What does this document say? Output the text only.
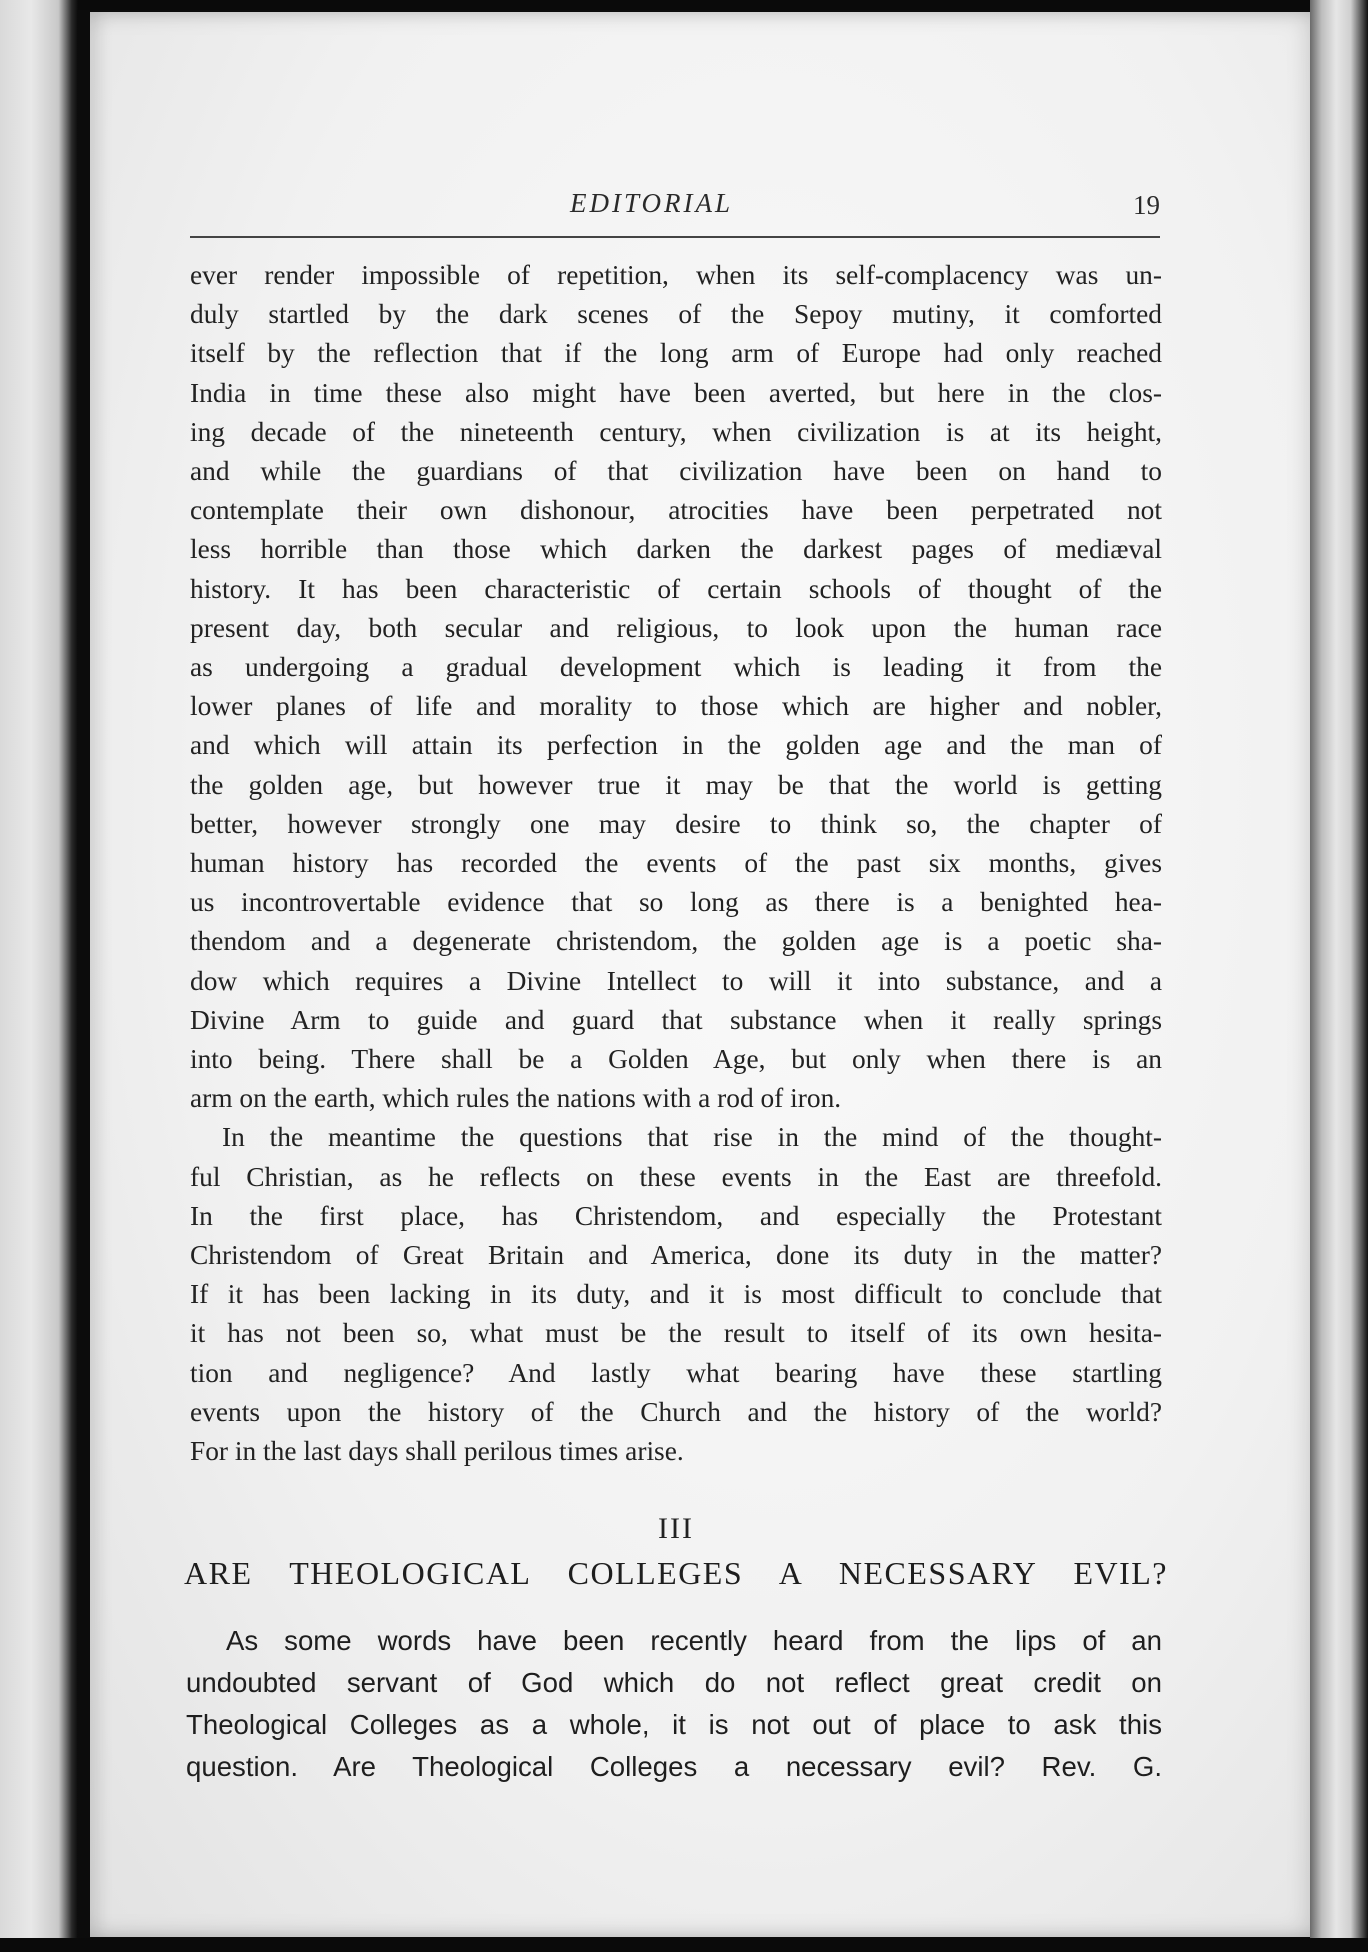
EDITORIAL	19
ever render impossible of repetition, when its self-complacency was un-
duly startled by the dark scenes of the Sepoy mutiny, it comforted
itself by the reflection that if the long arm of Europe had only reached
India in time these also might have been averted, but here in the clos-
ing decade of the nineteenth century, when civilization is at its height,
and while the guardians of that civilization have been on hand to
contemplate their own dishonour, atrocities have been perpetrated not
less horrible than those which darken the darkest pages of mediæval
history. It has been characteristic of certain schools of thought of the
present day, both secular and religious, to look upon the human race
as undergoing a gradual development which is leading it from the
lower planes of life and morality to those which are higher and nobler,
and which will attain its perfection in the golden age and the man of
the golden age, but however true it may be that the world is getting
better, however strongly one may desire to think so, the chapter of
human history has recorded the events of the past six months, gives
us incontrovertable evidence that so long as there is a benighted hea-
thendom and a degenerate christendom, the golden age is a poetic sha-
dow which requires a Divine Intellect to will it into substance, and a
Divine Arm to guide and guard that substance when it really springs
into being. There shall be a Golden Age, but only when there is an
arm on the earth, which rules the nations with a rod of iron.
In the meantime the questions that rise in the mind of the thought-
ful Christian, as he reflects on these events in the East are threefold.
In the first place, has Christendom, and especially the Protestant
Christendom of Great Britain and America, done its duty in the matter?
If it has been lacking in its duty, and it is most difficult to conclude that
it has not been so, what must be the result to itself of its own hesita-
tion and negligence? And lastly what bearing have these startling
events upon the history of the Church and the history of the world?
For in the last days shall perilous times arise.
III
ARE THEOLOGICAL COLLEGES A NECESSARY EVIL?
As some words have been recently heard from the lips of an
undoubted servant of God which do not reflect great credit on
Theological Colleges as a whole, it is not out of place to ask this
question. Are Theological Colleges a necessary evil? Rev. G.
